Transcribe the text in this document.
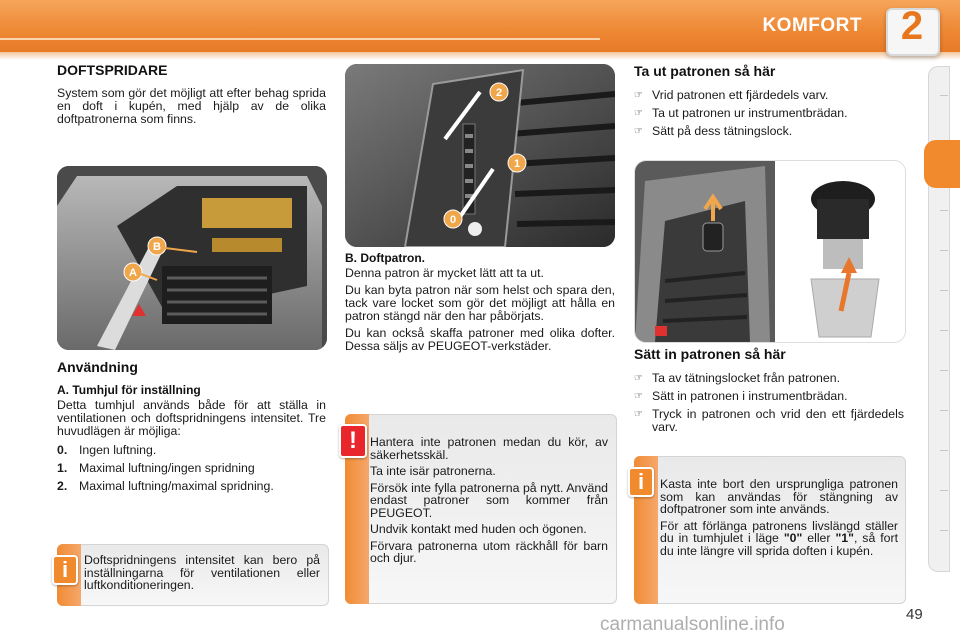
KOMFORT 2
DOFTSPRIDARE
System som gör det möjligt att efter behag sprida en doft i kupén, med hjälp av de olika doftpatronerna som finns.
B
A
Användning
A. Tumhjul för inställning
Detta tumhjul används både för att ställa in ventilationen och doftspridningens intensitet. Tre huvudlägen är möjliga:
0. Ingen luftning.
1. Maximal luftning/ingen spridning
2. Maximal luftning/maximal spridning.
i	Doftspridningens intensitet kan bero på inställningarna för ventilationen eller luftkonditioneringen.
2
1
0
B. Doftpatron.

Denna patron är mycket lätt att ta ut.

Du kan byta patron när som helst och spara den, tack vare locket som gör det möjligt att hålla en patron stängd när den har påbörjats.

Du kan också skaffa patroner med olika dofter. Dessa säljs av PEUGEOT-verkstäder.

!	Hantera inte patronen medan du kör, av säkerhetsskäl.

Ta inte isär patronerna.

Försök inte fylla patronerna på nytt. Använd endast patroner som kommer från PEUGEOT.

Undvik kontakt med huden och ögonen.

Förvara patronerna utom räckhåll för barn och djur.

Ta ut patronen så här
☞ Vrid patronen ett fjärdedels varv.
☞ Ta ut patronen ur instrumentbrädan.
☞ Sätt på dess tätningslock.
Sätt in patronen så här
☞ Ta av tätningslocket från patronen.
☞ Sätt in patronen i instrumentbrädan.
☞ Tryck in patronen och vrid den ett fjärdedels varv.
i	Kasta inte bort den ursprungliga patronen som kan användas för stängning av doftpatroner som inte används.

För att förlänga patronens livslängd ställer du in tumhjulet i läge "0" eller "1", så fort du inte längre vill sprida doften i kupén.

carmanualsonline.info	49
